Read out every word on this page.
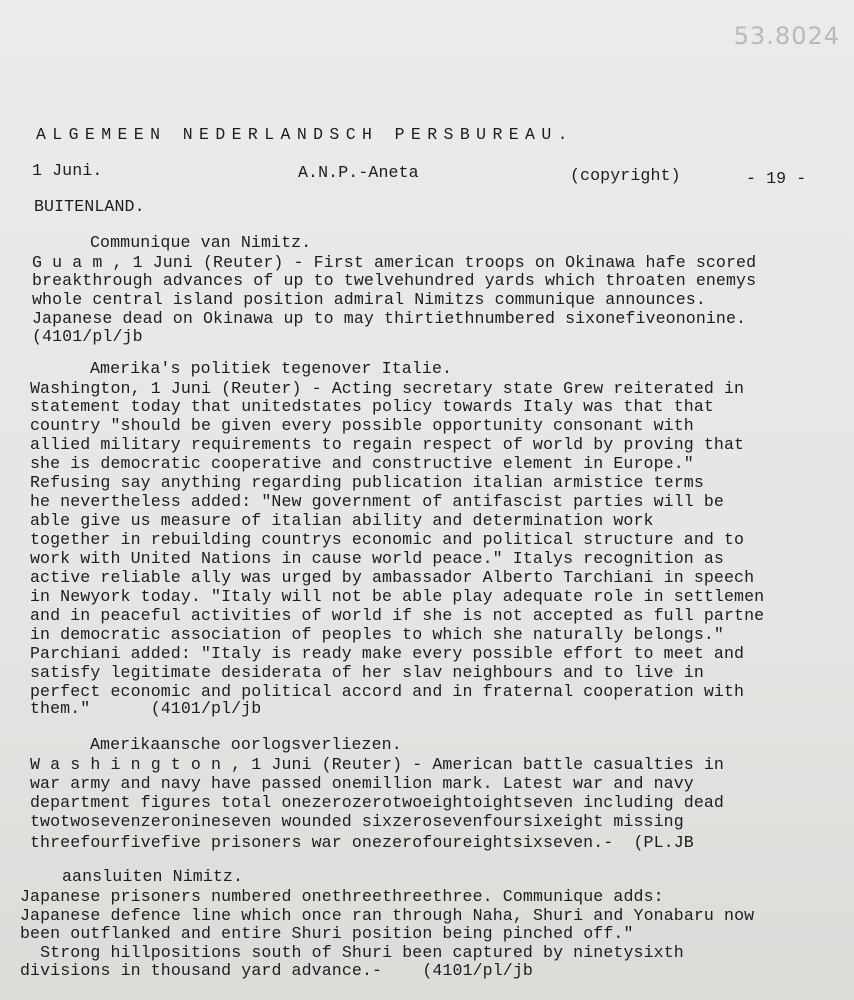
53.8024
ALGEMEEN NEDERLANDSCH PERSBUREAU.
1 Juni.	A.N.P.-Aneta	(copyright)	- 19 -
BUITENLAND.
Communique van Nimitz.
G u a m , 1 Juni (Reuter) - First american troops on Okinawa hafe scored
breakthrough advances of up to twelvehundred yards which throaten enemys
whole central island position admiral Nimitzs communique announces.
Japanese dead on Okinawa up to may thirtiethnumbered sixonefiveononine.
(4101/pl/jb
Amerika's politiek tegenover Italie.
Washington, 1 Juni (Reuter) - Acting secretary state Grew reiterated in
statement today that unitedstates policy towards Italy was that that
country "should be given every possible opportunity consonant with
allied military requirements to regain respect of world by proving that
she is democratic cooperative and constructive element in Europe."
Refusing say anything regarding publication italian armistice terms
he nevertheless added: "New government of antifascist parties will be
able give us measure of italian ability and determination work
together in rebuilding countrys economic and political structure and to
work with United Nations in cause world peace." Italys recognition as
active reliable ally was urged by ambassador Alberto Tarchiani in speech
in Newyork today. "Italy will not be able play adequate role in settlemen
and in peaceful activities of world if she is not accepted as full partne
in democratic association of peoples to which she naturally belongs."
Parchiani added: "Italy is ready make every possible effort to meet and
satisfy legitimate desiderata of her slav neighbours and to live in
perfect economic and political accord and in fraternal cooperation with
them."      (4101/pl/jb
Amerikaansche oorlogsverliezen.
W a s h i n g t o n , 1 Juni (Reuter) - American battle casualties in
war army and navy have passed onemillion mark. Latest war and navy
department figures total onezerozerotwoeightoightseven including dead
twotwosevenzeronineseven wounded sixzerosevenfoursixeight missing
threefourfivefive prisoners war onezerofoureightsixseven.-  (PL.JB
aansluiten Nimitz.
Japanese prisoners numbered onethreethreethree. Communique adds:
Japanese defence line which once ran through Naha, Shuri and Yonabaru now
been outflanked and entire Shuri position being pinched off."
Strong hillpositions south of Shuri been captured by ninetysixth
divisions in thousand yard advance.-    (4101/pl/jb
